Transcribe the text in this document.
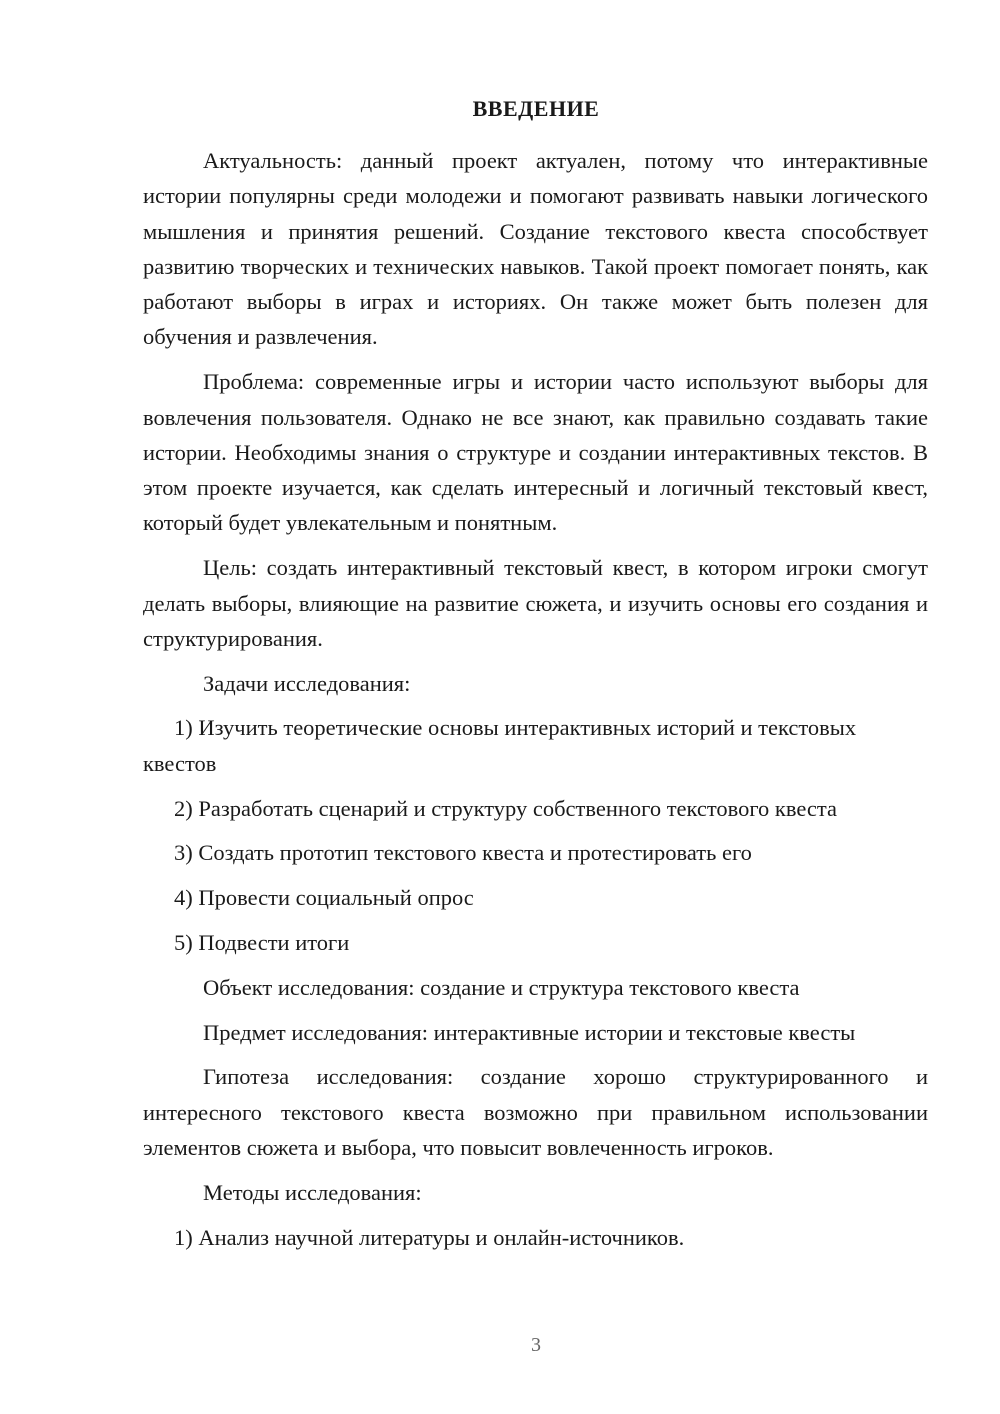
ВВЕДЕНИЕ

Актуальность: данный проект актуален, потому что интерактивные истории популярны среди молодежи и помогают развивать навыки логического мышления и принятия решений. Создание текстового квеста способствует развитию творческих и технических навыков. Такой проект помогает понять, как работают выборы в играх и историях. Он также может быть полезен для обучения и развлечения.

Проблема: современные игры и истории часто используют выборы для вовлечения пользователя. Однако не все знают, как правильно создавать такие истории. Необходимы знания о структуре и создании интерактивных текстов. В этом проекте изучается, как сделать интересный и логичный текстовый квест, который будет увлекательным и понятным.

Цель: создать интерактивный текстовый квест, в котором игроки смогут делать выборы, влияющие на развитие сюжета, и изучить основы его создания и структурирования.

Задачи исследования:

1) Изучить теоретические основы интерактивных историй и текстовых квестов

2) Разработать сценарий и структуру собственного текстового квеста

3) Создать прототип текстового квеста и протестировать его

4) Провести социальный опрос

5) Подвести итоги

Объект исследования: создание и структура текстового квеста

Предмет исследования: интерактивные истории и текстовые квесты

Гипотеза исследования: создание хорошо структурированного и интересного текстового квеста возможно при правильном использовании элементов сюжета и выбора, что повысит вовлеченность игроков.

Методы исследования:

1) Анализ научной литературы и онлайн-источников.

3
